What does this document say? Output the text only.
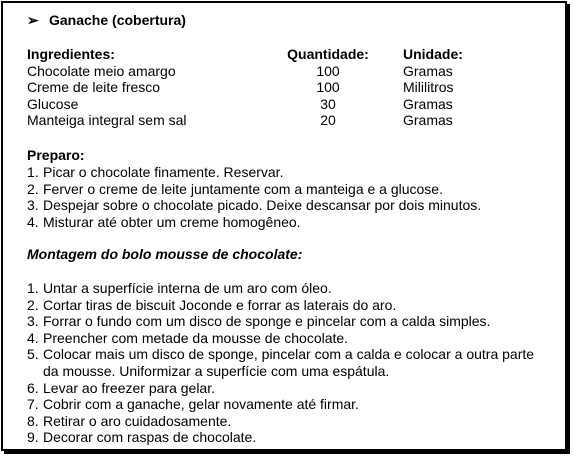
➢ Ganache (cobertura)
Ingredientes:	Quantidade:	Unidade:
Chocolate meio amargo	100	Gramas
Creme de leite fresco	100	Mililitros
Glucose	30	Gramas
Manteiga integral sem sal	20	Gramas
Preparo:
1. Picar o chocolate finamente. Reservar.
2. Ferver o creme de leite juntamente com a manteiga e a glucose.
3. Despejar sobre o chocolate picado. Deixe descansar por dois minutos.
4. Misturar até obter um creme homogêneo.
Montagem do bolo mousse de chocolate:
1. Untar a superfície interna de um aro com óleo.
2. Cortar tiras de biscuit Joconde e forrar as laterais do aro.
3. Forrar o fundo com um disco de sponge e pincelar com a calda simples.
4. Preencher com metade da mousse de chocolate.
5. Colocar mais um disco de sponge, pincelar com a calda e colocar a outra parte
da mousse. Uniformizar a superfície com uma espátula.
6. Levar ao freezer para gelar.
7. Cobrir com a ganache, gelar novamente até firmar.
8. Retirar o aro cuidadosamente.
9. Decorar com raspas de chocolate.
